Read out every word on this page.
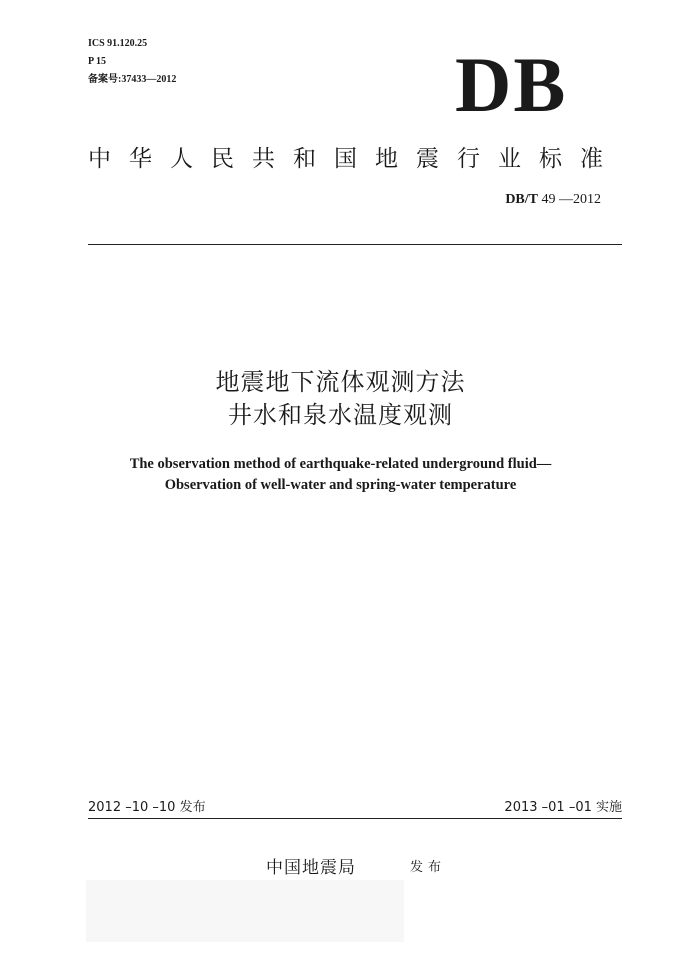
ICS 91.120.25
P 15
备案号:37433—2012	DB
中华人民共和国地震行业标准
DB/T 49 —2012
地震地下流体观测方法
井水和泉水温度观测
The observation method of earthquake-related underground fluid—
Observation of well-water and spring-water temperature
2012 –10 –10 发布	2013 –01 –01 实施
中国地震局	发布
